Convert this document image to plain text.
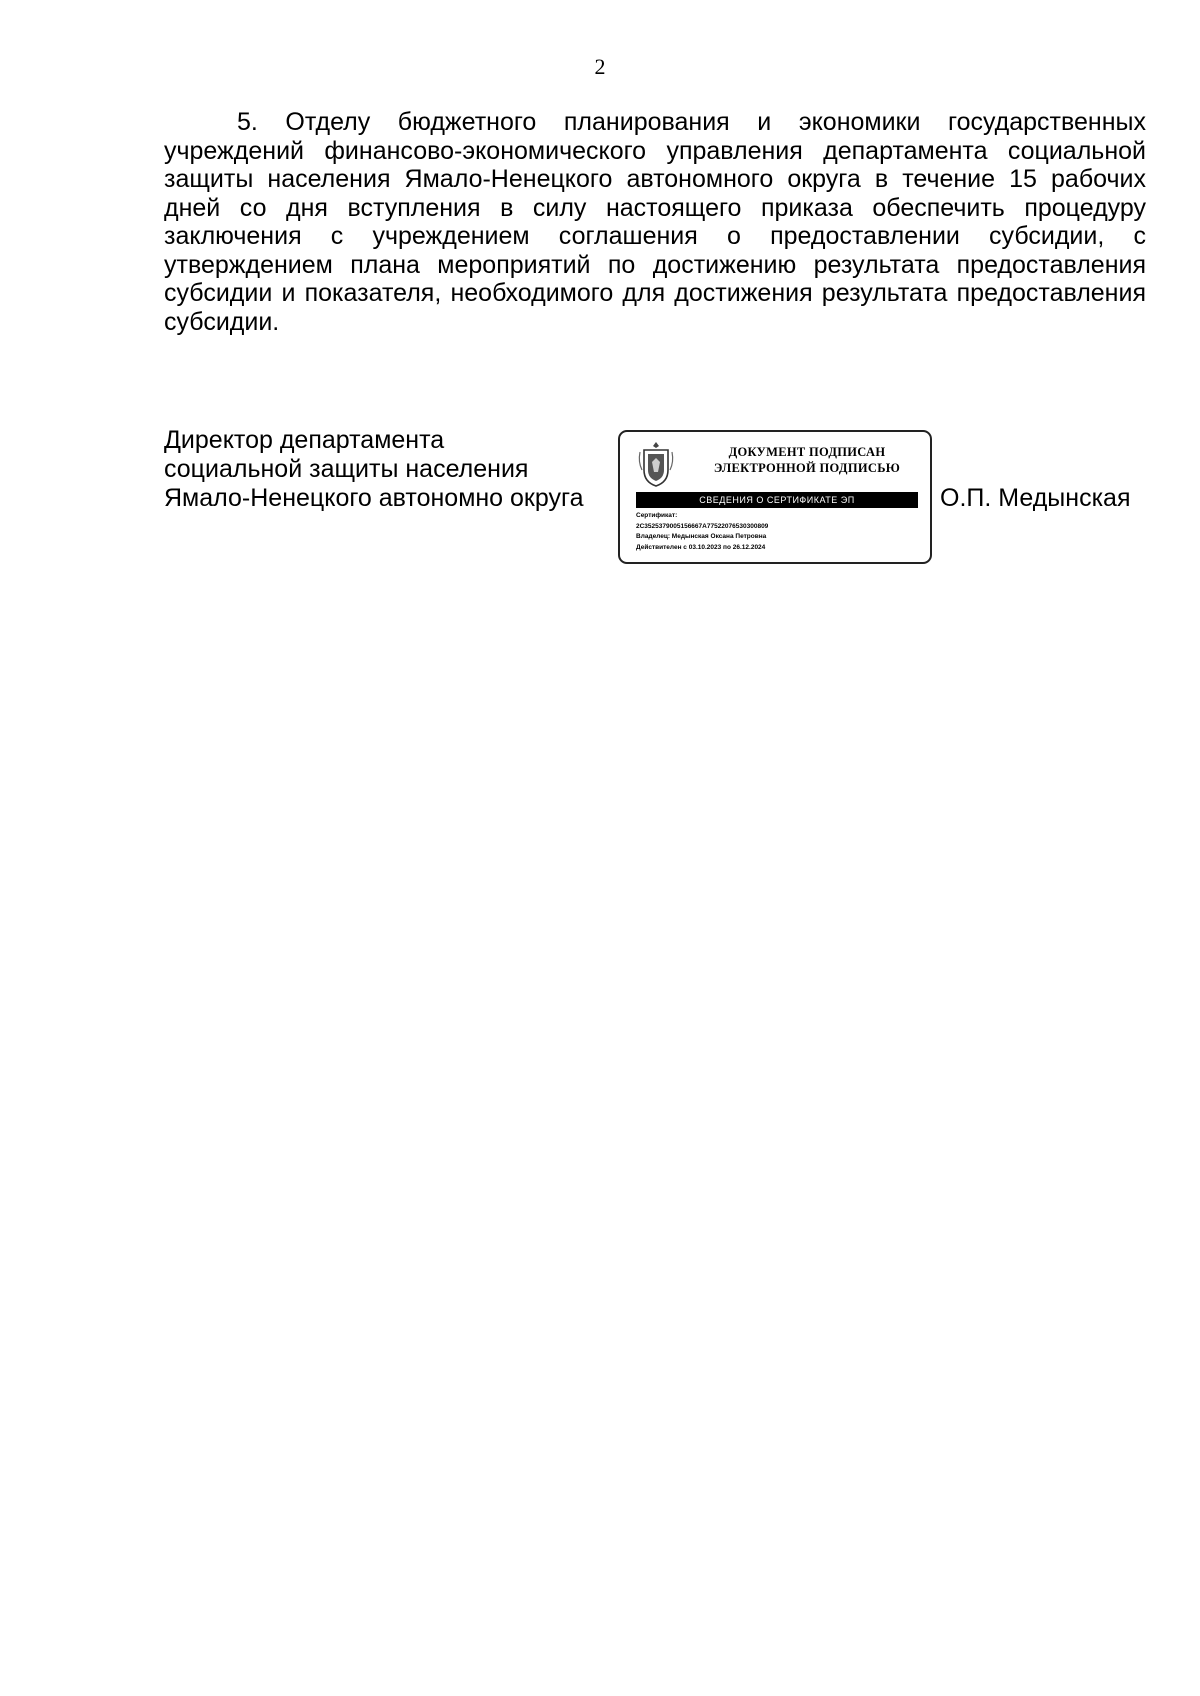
2

5. Отделу бюджетного планирования и экономики государственных учреждений финансово-экономического управления департамента социальной защиты населения Ямало-Ненецкого автономного округа в течение 15 рабочих дней со дня вступления в силу настоящего приказа обеспечить процедуру заключения с учреждением соглашения о предоставлении субсидии, с утверждением плана мероприятий по достижению результата предоставления субсидии и показателя, необходимого для достижения результата предоставления субсидии.

Директор департамента
социальной защиты населения
Ямало-Ненецкого автономно округа
ДОКУМЕНТ ПОДПИСАН
ЭЛЕКТРОННОЙ ПОДПИСЬЮ
СВЕДЕНИЯ О СЕРТИФИКАТЕ ЭП
Сертификат:
2C3525379005156667A77522076530300809
Владелец: Медынская Оксана Петровна
Действителен с 03.10.2023 по 26.12.2024
О.П. Медынская
